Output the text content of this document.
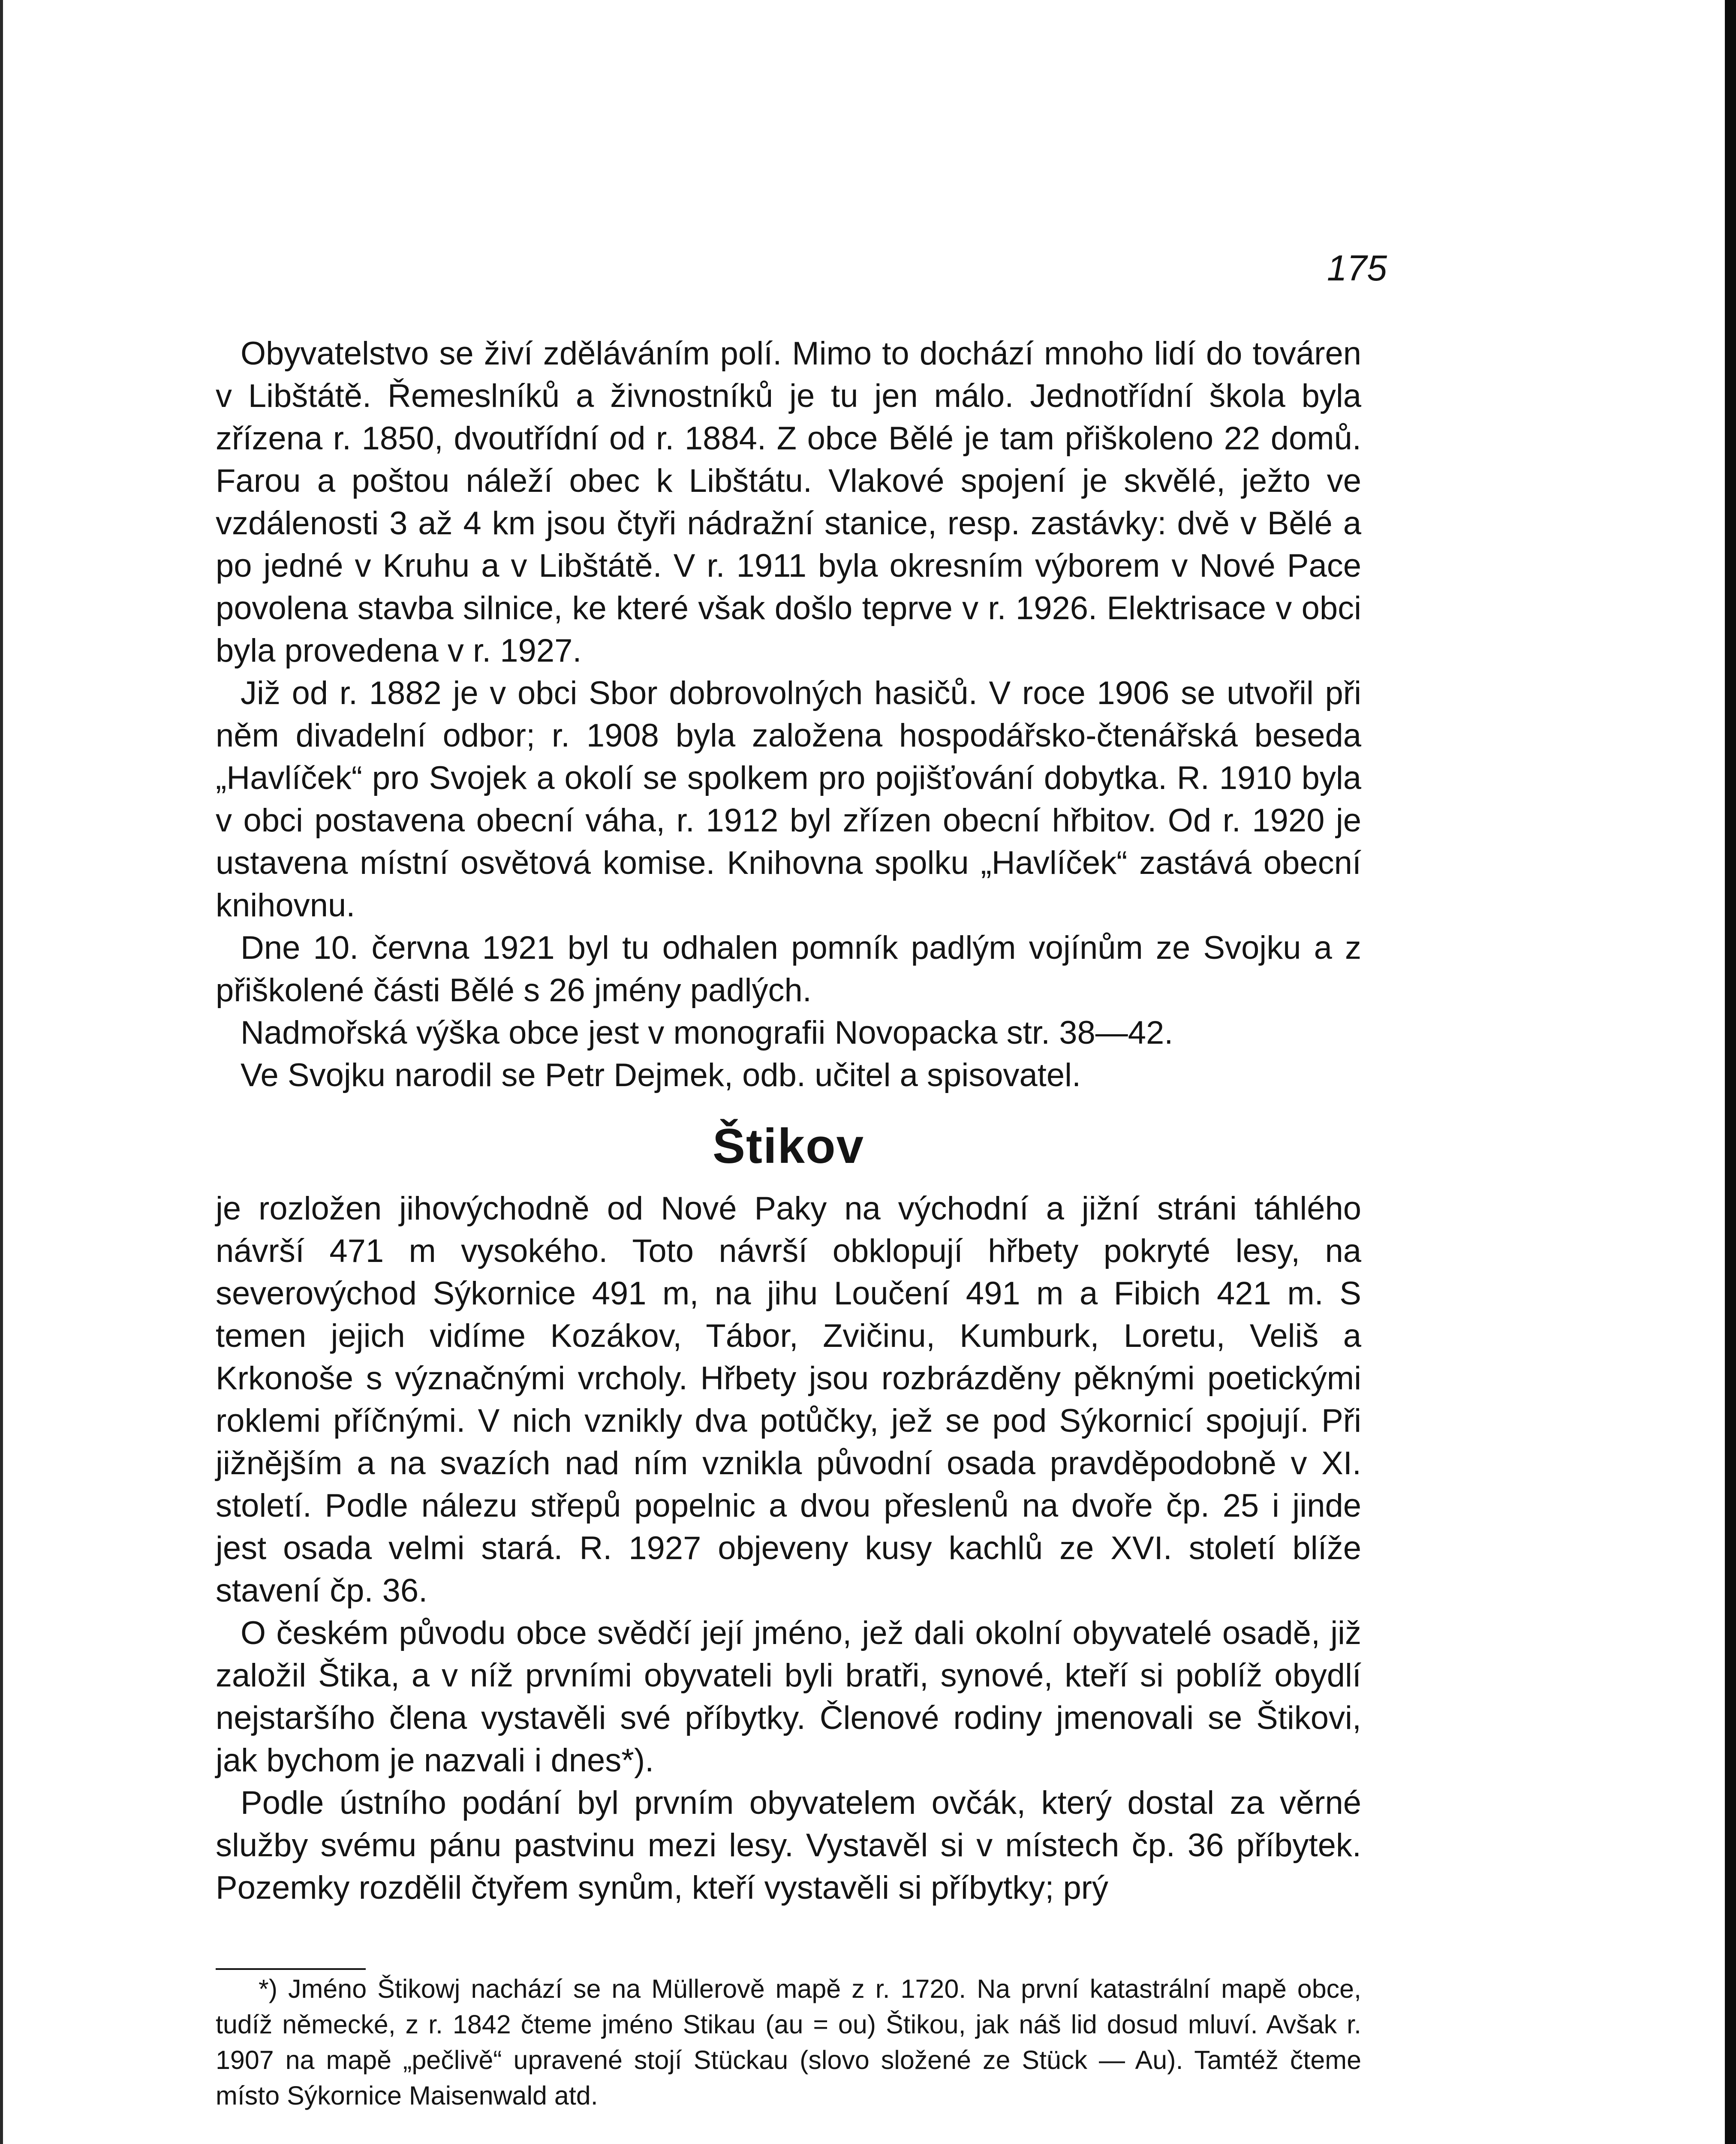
175

Obyvatelstvo se živí zděláváním polí. Mimo to dochází mnoho lidí do továren v Libštátě. Řemeslníků a živnostníků je tu jen málo. Jednotřídní škola byla zřízena r. 1850, dvoutřídní od r. 1884. Z obce Bělé je tam přiškoleno 22 domů. Farou a poštou náleží obec k Libštátu. Vlakové spojení je skvělé, ježto ve vzdálenosti 3 až 4 km jsou čtyři nádražní stanice, resp. zastávky: dvě v Bělé a po jedné v Kruhu a v Libštátě. V r. 1911 byla okresním výborem v Nové Pace povolena stavba silnice, ke které však došlo teprve v r. 1926. Elektrisace v obci byla provedena v r. 1927.

Již od r. 1882 je v obci Sbor dobrovolných hasičů. V roce 1906 se utvořil při něm divadelní odbor; r. 1908 byla založena hospodářsko-čtenářská beseda „Havlíček“ pro Svojek a okolí se spolkem pro pojišťování dobytka. R. 1910 byla v obci postavena obecní váha, r. 1912 byl zřízen obecní hřbitov. Od r. 1920 je ustavena místní osvětová komise. Knihovna spolku „Havlíček“ zastává obecní knihovnu.

Dne 10. června 1921 byl tu odhalen pomník padlým vojínům ze Svojku a z přiškolené části Bělé s 26 jmény padlých.

Nadmořská výška obce jest v monografii Novopacka str. 38—42.

Ve Svojku narodil se Petr Dejmek, odb. učitel a spisovatel.

Štikov

je rozložen jihovýchodně od Nové Paky na východní a jižní stráni táhlého návrší 471 m vysokého. Toto návrší obklopují hřbety pokryté lesy, na severovýchod Sýkornice 491 m, na jihu Loučení 491 m a Fibich 421 m. S temen jejich vidíme Kozákov, Tábor, Zvičinu, Kumburk, Loretu, Veliš a Krkonoše s význačnými vrcholy. Hřbety jsou rozbrázděny pěknými poetickými roklemi příčnými. V nich vznikly dva potůčky, jež se pod Sýkornicí spojují. Při jižnějším a na svazích nad ním vznikla původní osada pravděpodobně v XI. století. Podle nálezu střepů popelnic a dvou přeslenů na dvoře čp. 25 i jinde jest osada velmi stará. R. 1927 objeveny kusy kachlů ze XVI. století blíže stavení čp. 36.

O českém původu obce svědčí její jméno, jež dali okolní obyvatelé osadě, již založil Štika, a v níž prvními obyvateli byli bratři, synové, kteří si poblíž obydlí nejstaršího člena vystavěli své příbytky. Členové rodiny jmenovali se Štikovi, jak bychom je nazvali i dnes*).

Podle ústního podání byl prvním obyvatelem ovčák, který dostal za věrné služby svému pánu pastvinu mezi lesy. Vystavěl si v místech čp. 36 příbytek. Pozemky rozdělil čtyřem synům, kteří vystavěli si příbytky; prý

*) Jméno Štikowj nachází se na Müllerově mapě z r. 1720. Na první katastrální mapě obce, tudíž německé, z r. 1842 čteme jméno Stikau (au = ou) Štikou, jak náš lid dosud mluví. Avšak r. 1907 na mapě „pečlivě“ upravené stojí Stückau (slovo složené ze Stück — Au). Tamtéž čteme místo Sýkornice Maisenwald atd.
